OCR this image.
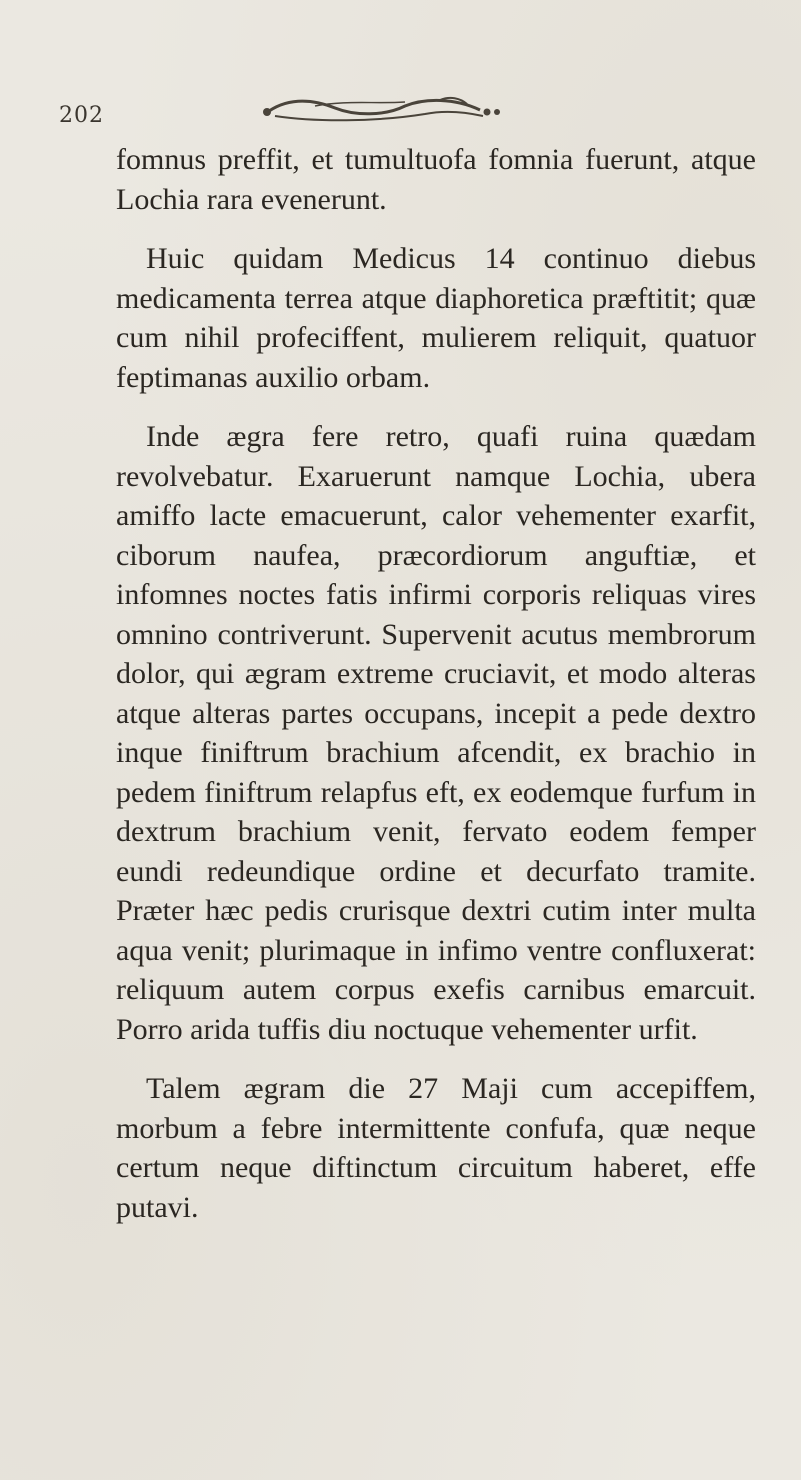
202

fomnus preffit, et tumultuofa fomnia fuerunt, atque Lochia rara evenerunt.

Huic quidam Medicus 14 continuo diebus medicamenta terrea atque diaphoretica præftitit; quæ cum nihil profeciffent, mulierem reliquit, quatuor feptimanas auxilio orbam.

Inde ægra fere retro, quafi ruina quædam revolvebatur. Exaruerunt namque Lochia, ubera amiffo lacte emacuerunt, calor vehementer exarfit, ciborum naufea, præcordiorum anguftiæ, et infomnes noctes fatis infirmi corporis reliquas vires omnino contriverunt. Supervenit acutus membrorum dolor, qui ægram extreme cruciavit, et modo alteras atque alteras partes occupans, incepit a pede dextro inque finiftrum brachium afcendit, ex brachio in pedem finiftrum relapfus eft, ex eodemque furfum in dextrum brachium venit, fervato eodem femper eundi redeundique ordine et decurfato tramite. Præter hæc pedis crurisque dextri cutim inter multa aqua venit; plurimaque in infimo ventre confluxerat: reliquum autem corpus exefis carnibus emarcuit. Porro arida tuffis diu noctuque vehementer urfit.

Talem ægram die 27 Maji cum accepiffem, morbum a febre intermittente confufa, quæ neque certum neque diftinctum circuitum haberet, effe putavi.
